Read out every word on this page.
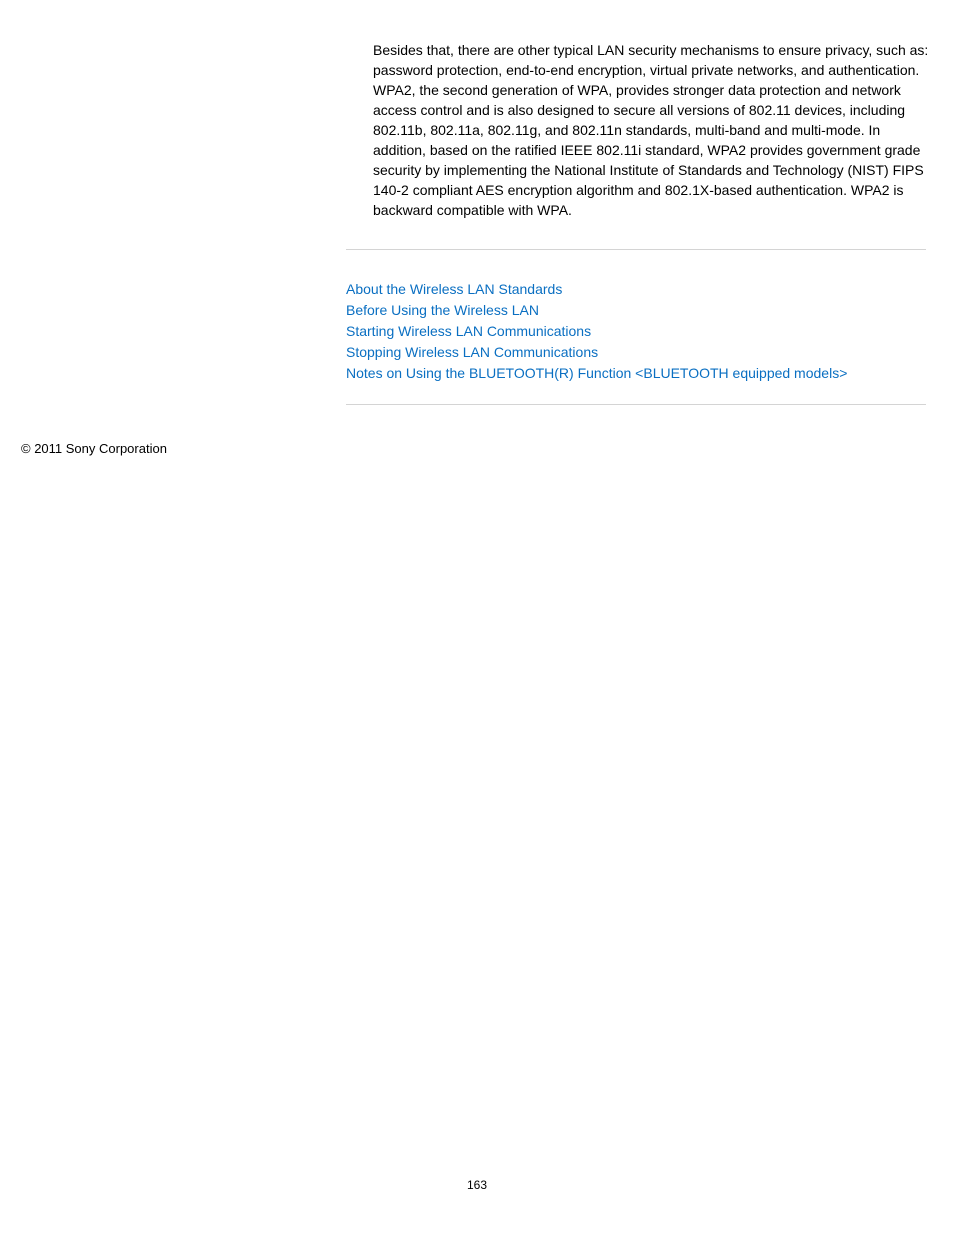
Besides that, there are other typical LAN security mechanisms to ensure privacy, such as: password protection, end-to-end encryption, virtual private networks, and authentication. WPA2, the second generation of WPA, provides stronger data protection and network access control and is also designed to secure all versions of 802.11 devices, including 802.11b, 802.11a, 802.11g, and 802.11n standards, multi-band and multi-mode. In addition, based on the ratified IEEE 802.11i standard, WPA2 provides government grade security by implementing the National Institute of Standards and Technology (NIST) FIPS 140-2 compliant AES encryption algorithm and 802.1X-based authentication. WPA2 is backward compatible with WPA.

About the Wireless LAN Standards
Before Using the Wireless LAN
Starting Wireless LAN Communications
Stopping Wireless LAN Communications
Notes on Using the BLUETOOTH(R) Function <BLUETOOTH equipped models>

© 2011 Sony Corporation

163
